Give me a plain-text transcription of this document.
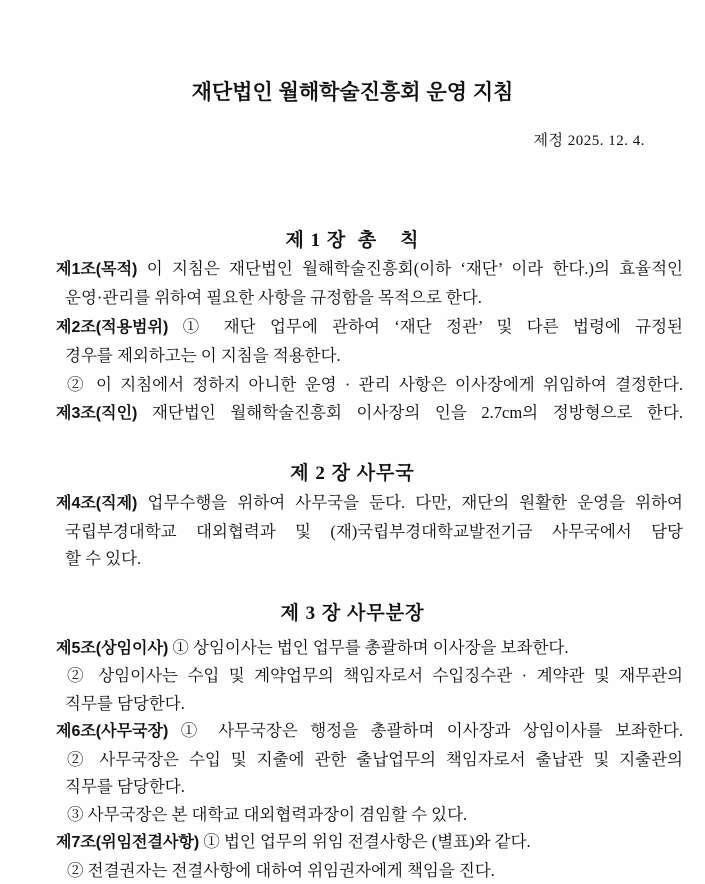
재단법인 월해학술진흥회 운영 지침
제정 2025. 12. 4.
제 1 장  총    칙
제1조(목적) 이 지침은 재단법인 월해학술진흥회(이하 ‘재단’ 이라 한다.)의 효율적인
운영·관리를 위하여 필요한 사항을 규정함을 목적으로 한다.
제2조(적용범위) ① 재단 업무에 관하여 ‘재단 정관’ 및 다른 법령에 규정된
경우를 제외하고는 이 지침을 적용한다.
② 이 지침에서 정하지 아니한 운영 · 관리 사항은 이사장에게 위임하여 결정한다.
제3조(직인) 재단법인 월해학술진흥회 이사장의 인을 2.7cm의 정방형으로 한다.
제 2 장 사무국
제4조(직제) 업무수행을 위하여 사무국을 둔다. 다만, 재단의 원활한 운영을 위하여
국립부경대학교 대외협력과 및 (재)국립부경대학교발전기금 사무국에서 담당
할 수 있다.
제 3 장 사무분장
제5조(상임이사) ① 상임이사는 법인 업무를 총괄하며 이사장을 보좌한다.
② 상임이사는 수입 및 계약업무의 책임자로서 수입징수관 · 계약관 및 재무관의
직무를 담당한다.
제6조(사무국장) ① 사무국장은 행정을 총괄하며 이사장과 상임이사를 보좌한다.
② 사무국장은 수입 및 지출에 관한 출납업무의 책임자로서 출납관 및 지출관의
직무를 담당한다.
③ 사무국장은 본 대학교 대외협력과장이 겸임할 수 있다.
제7조(위임전결사항) ① 법인 업무의 위임 전결사항은 (별표)와 같다.
② 전결권자는 전결사항에 대하여 위임권자에게 책임을 진다.
